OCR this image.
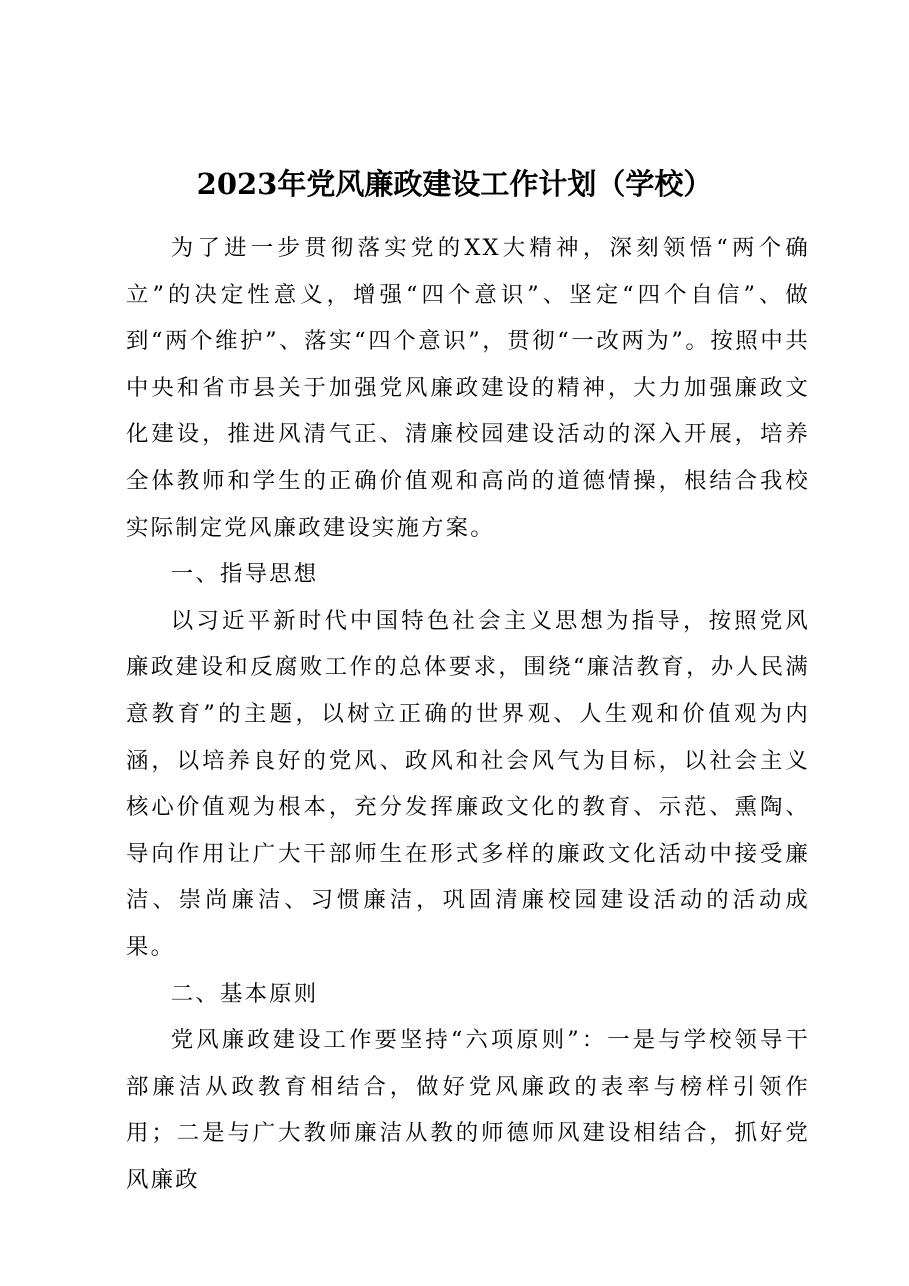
2023年党风廉政建设工作计划（学校）

为了进一步贯彻落实党的XX大精神，深刻领悟“两个确立”的决定性意义，增强“四个意识”、坚定“四个自信”、做到“两个维护”、落实“四个意识”，贯彻“一改两为”。按照中共中央和省市县关于加强党风廉政建设的精神，大力加强廉政文化建设，推进风清气正、清廉校园建设活动的深入开展，培养全体教师和学生的正确价值观和高尚的道德情操，根结合我校实际制定党风廉政建设实施方案。

一、指导思想

以习近平新时代中国特色社会主义思想为指导，按照党风廉政建设和反腐败工作的总体要求，围绕“廉洁教育，办人民满意教育”的主题，以树立正确的世界观、人生观和价值观为内涵，以培养良好的党风、政风和社会风气为目标，以社会主义核心价值观为根本，充分发挥廉政文化的教育、示范、熏陶、导向作用让广大干部师生在形式多样的廉政文化活动中接受廉洁、崇尚廉洁、习惯廉洁，巩固清廉校园建设活动的活动成果。

二、基本原则

党风廉政建设工作要坚持“六项原则”：一是与学校领导干部廉洁从政教育相结合，做好党风廉政的表率与榜样引领作用；二是与广大教师廉洁从教的师德师风建设相结合，抓好党风廉政
